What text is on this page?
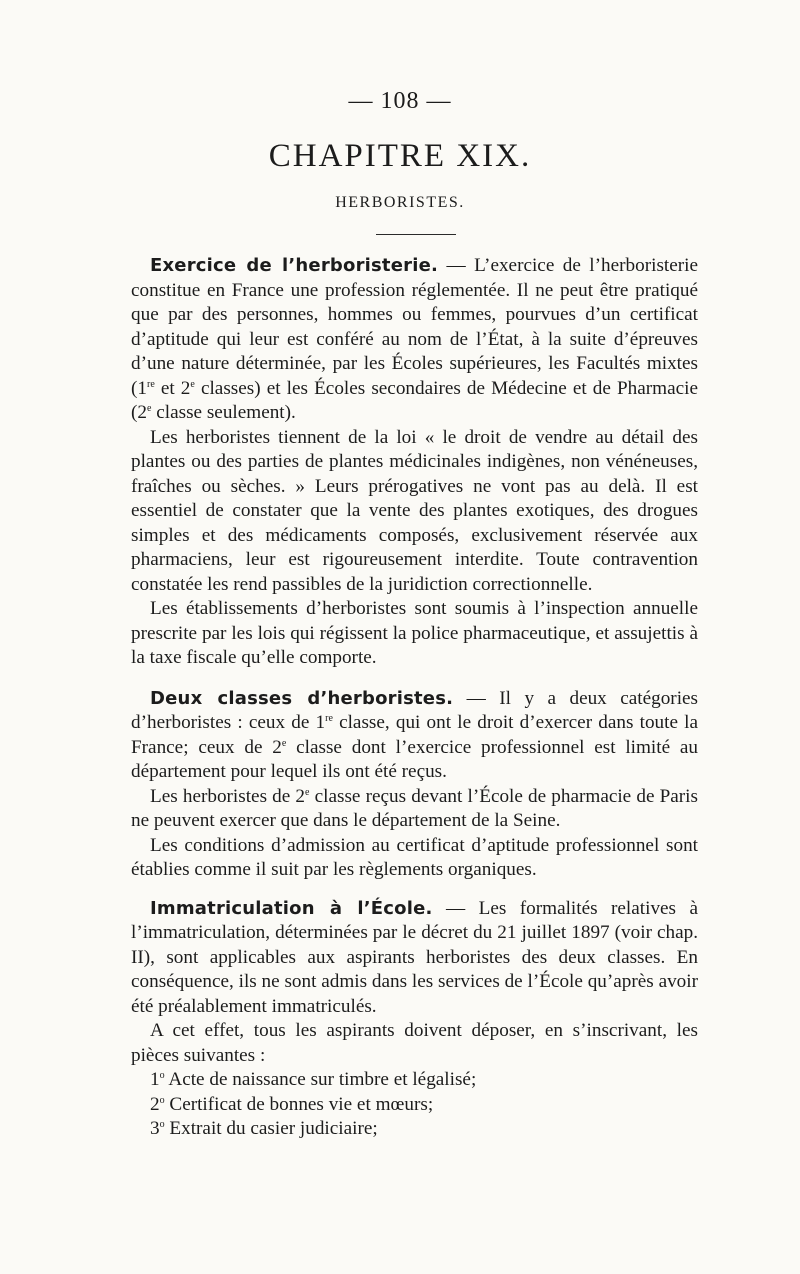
— 108 —
CHAPITRE XIX.
HERBORISTES.

Exercice de l’herboristerie. — L’exercice de l’herboristerie constitue en France une profession réglementée. Il ne peut être pratiqué que par des personnes, hommes ou femmes, pourvues d’un certificat d’aptitude qui leur est conféré au nom de l’État, à la suite d’épreuves d’une nature déterminée, par les Écoles supérieures, les Facultés mixtes (1re et 2e classes) et les Écoles secondaires de Médecine et de Pharmacie (2e classe seulement).

Les herboristes tiennent de la loi « le droit de vendre au détail des plantes ou des parties de plantes médicinales indigènes, non vénéneuses, fraîches ou sèches. » Leurs prérogatives ne vont pas au delà. Il est essentiel de constater que la vente des plantes exotiques, des drogues simples et des médicaments composés, exclusivement réservée aux pharmaciens, leur est rigoureusement interdite. Toute contravention constatée les rend passibles de la juridiction correctionnelle.

Les établissements d’herboristes sont soumis à l’inspection annuelle prescrite par les lois qui régissent la police pharmaceutique, et assujettis à la taxe fiscale qu’elle comporte.

Deux classes d’herboristes. — Il y a deux catégories d’herboristes : ceux de 1re classe, qui ont le droit d’exercer dans toute la France; ceux de 2e classe dont l’exercice professionnel est limité au département pour lequel ils ont été reçus.

Les herboristes de 2e classe reçus devant l’École de pharmacie de Paris ne peuvent exercer que dans le département de la Seine.

Les conditions d’admission au certificat d’aptitude professionnel sont établies comme il suit par les règlements organiques.

Immatriculation à l’École. — Les formalités relatives à l’immatriculation, déterminées par le décret du 21 juillet 1897 (voir chap. II), sont applicables aux aspirants herboristes des deux classes. En conséquence, ils ne sont admis dans les services de l’École qu’après avoir été préalablement immatriculés.

A cet effet, tous les aspirants doivent déposer, en s’inscrivant, les pièces suivantes :

1$^o$ Acte de naissance sur timbre et légalisé;

2$^o$ Certificat de bonnes vie et mœurs;

3$^o$ Extrait du casier judiciaire;
